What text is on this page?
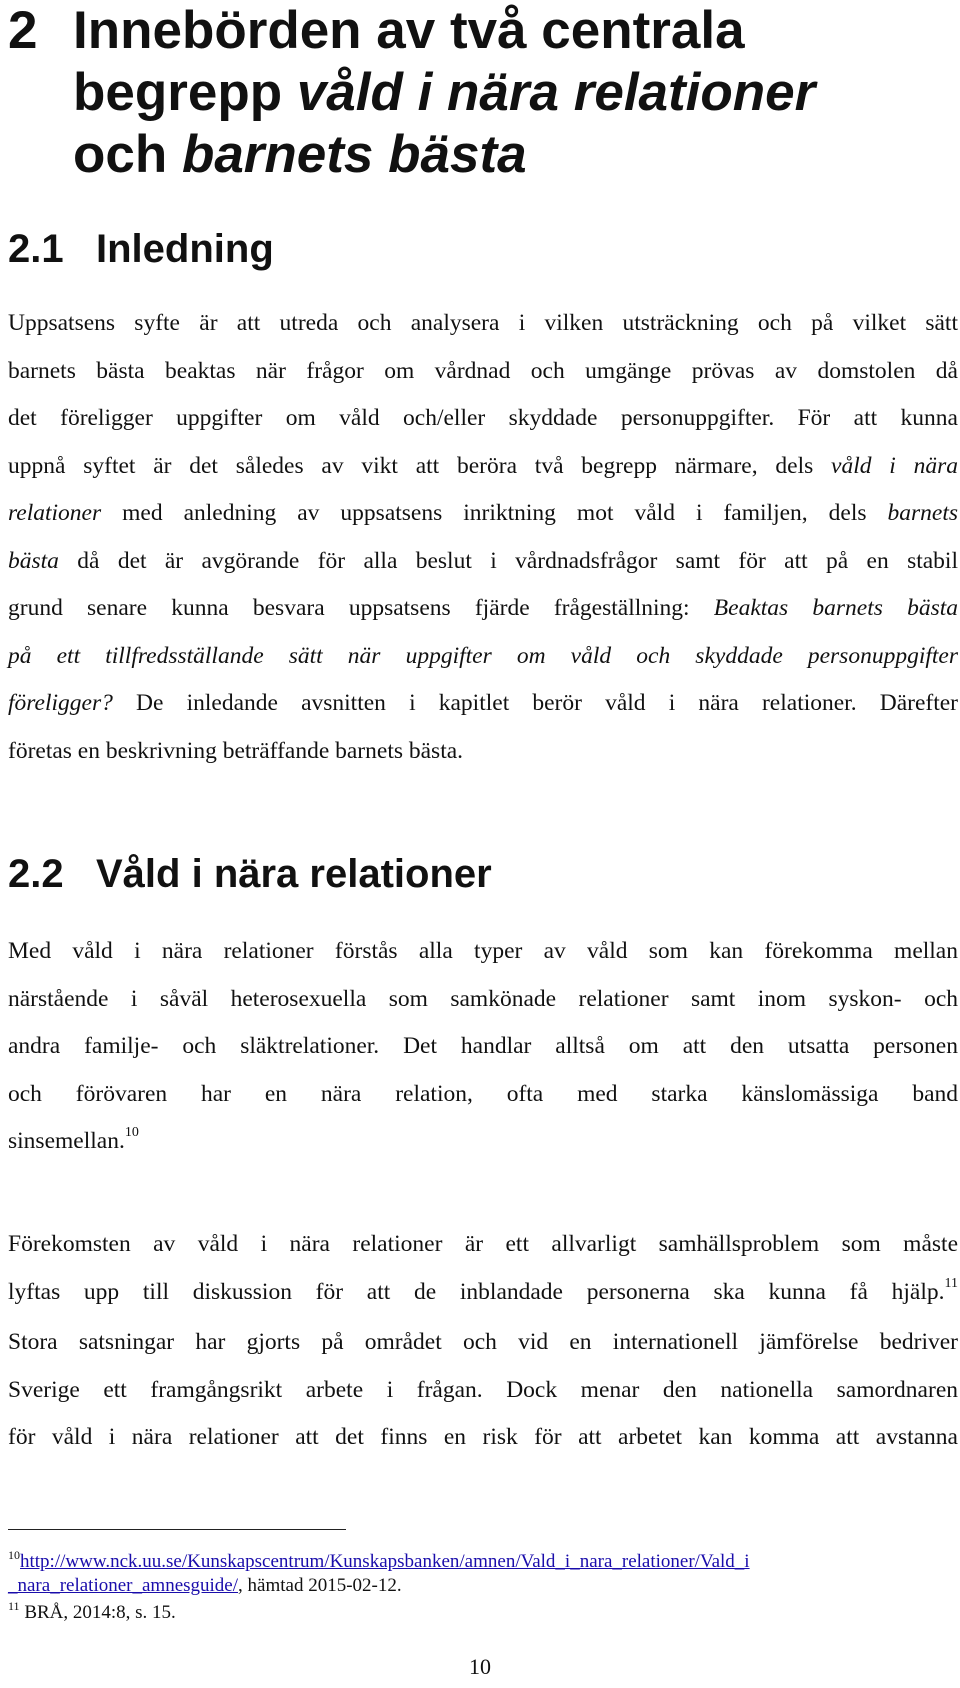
2 Innebörden av två centrala
begrepp våld i nära relationer
och barnets bästa
2.1 Inledning
Uppsatsens syfte är att utreda och analysera i vilken utsträckning och på vilket sätt
barnets bästa beaktas när frågor om vårdnad och umgänge prövas av domstolen då
det föreligger uppgifter om våld och/eller skyddade personuppgifter. För att kunna
uppnå syftet är det således av vikt att beröra två begrepp närmare, dels våld i nära
relationer med anledning av uppsatsens inriktning mot våld i familjen, dels barnets
bästa då det är avgörande för alla beslut i vårdnadsfrågor samt för att på en stabil
grund senare kunna besvara uppsatsens fjärde frågeställning: Beaktas barnets bästa
på ett tillfredsställande sätt när uppgifter om våld och skyddade personuppgifter
föreligger? De inledande avsnitten i kapitlet berör våld i nära relationer. Därefter
företas en beskrivning beträffande barnets bästa.
2.2 Våld i nära relationer
Med våld i nära relationer förstås alla typer av våld som kan förekomma mellan
närstående i såväl heterosexuella som samkönade relationer samt inom syskon- och
andra familje- och släktrelationer. Det handlar alltså om att den utsatta personen
och förövaren har en nära relation, ofta med starka känslomässiga band
sinsemellan.$^{10}$
Förekomsten av våld i nära relationer är ett allvarligt samhällsproblem som måste
lyftas upp till diskussion för att de inblandade personerna ska kunna få hjälp.$^{11}$
Stora satsningar har gjorts på området och vid en internationell jämförelse bedriver
Sverige ett framgångsrikt arbete i frågan. Dock menar den nationella samordnaren
för våld i nära relationer att det finns en risk för att arbetet kan komma att avstanna
$^{10}$http://www.nck.uu.se/Kunskapscentrum/Kunskapsbanken/amnen/Vald_i_nara_relationer/Vald_i
_nara_relationer_amnesguide/, hämtad 2015-02-12.
$^{11}$ BRÅ, 2014:8, s. 15.
10
